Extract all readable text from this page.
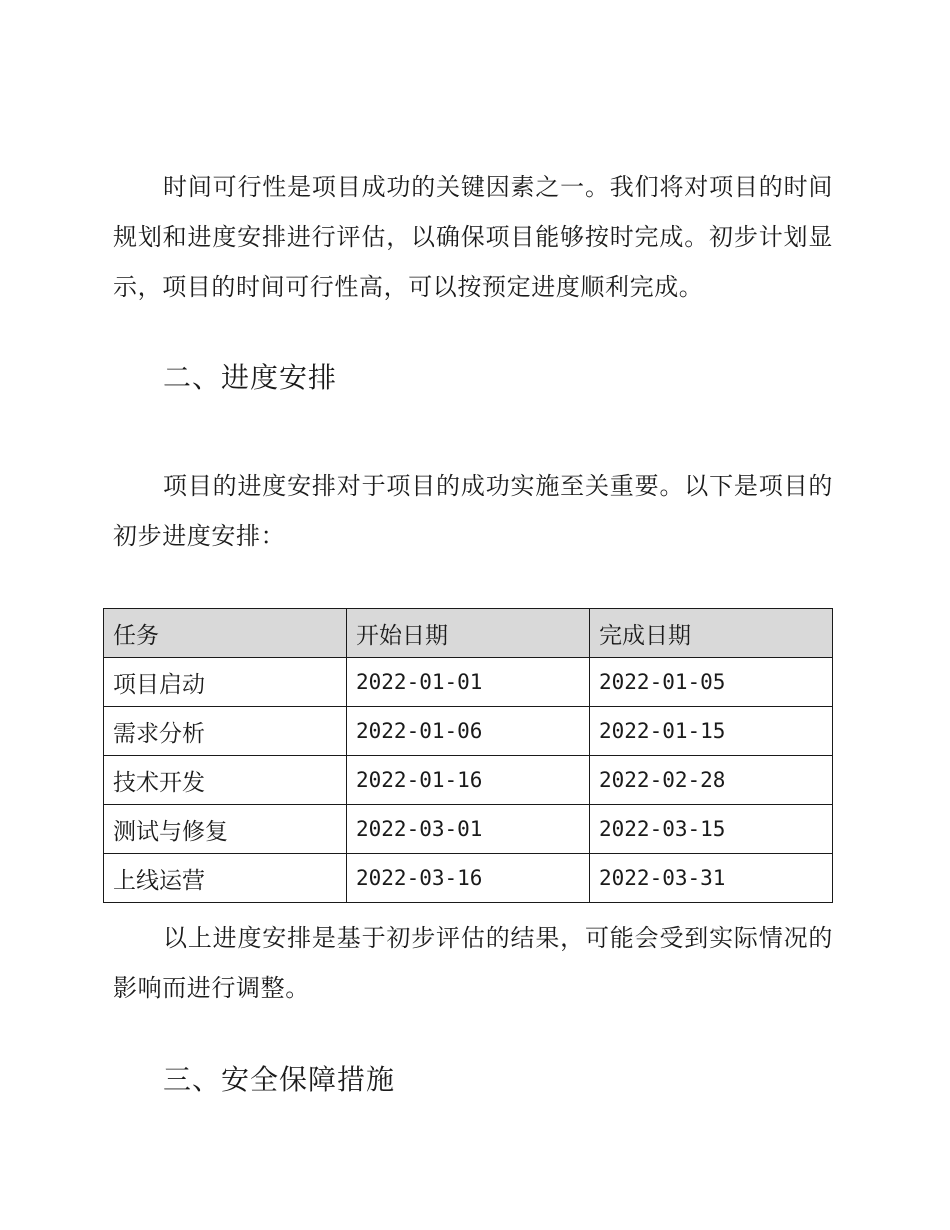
时间可行性是项目成功的关键因素之一。我们将对项目的时间规划和进度安排进行评估，以确保项目能够按时完成。初步计划显示，项目的时间可行性高，可以按预定进度顺利完成。

二、进度安排

项目的进度安排对于项目的成功实施至关重要。以下是项目的初步进度安排：

任务	开始日期	完成日期
项目启动	2022-01-01	2022-01-05
需求分析	2022-01-06	2022-01-15
技术开发	2022-01-16	2022-02-28
测试与修复	2022-03-01	2022-03-15
上线运营	2022-03-16	2022-03-31

以上进度安排是基于初步评估的结果，可能会受到实际情况的影响而进行调整。

三、安全保障措施
